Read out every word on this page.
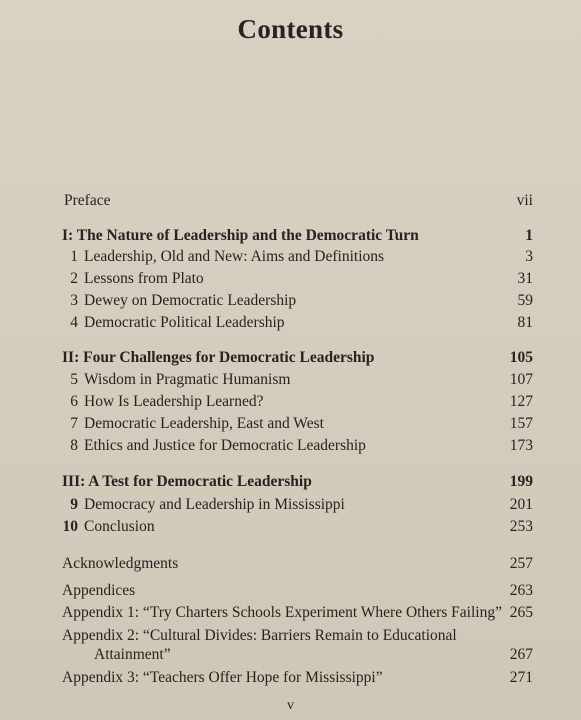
Contents
Preface	vii
I: The Nature of Leadership and the Democratic Turn	1
1 Leadership, Old and New: Aims and Definitions	3
2 Lessons from Plato	31
3 Dewey on Democratic Leadership	59
4 Democratic Political Leadership	81
II: Four Challenges for Democratic Leadership	105
5 Wisdom in Pragmatic Humanism	107
6 How Is Leadership Learned?	127
7 Democratic Leadership, East and West	157
8 Ethics and Justice for Democratic Leadership	173
III: A Test for Democratic Leadership	199
9 Democracy and Leadership in Mississippi	201
10 Conclusion	253
Acknowledgments	257
Appendices	263
Appendix 1: “Try Charters Schools Experiment Where Others Failing” 265
Appendix 2: “Cultural Divides: Barriers Remain to Educational
Attainment”	267
Appendix 3: “Teachers Offer Hope for Mississippi”	271
v
